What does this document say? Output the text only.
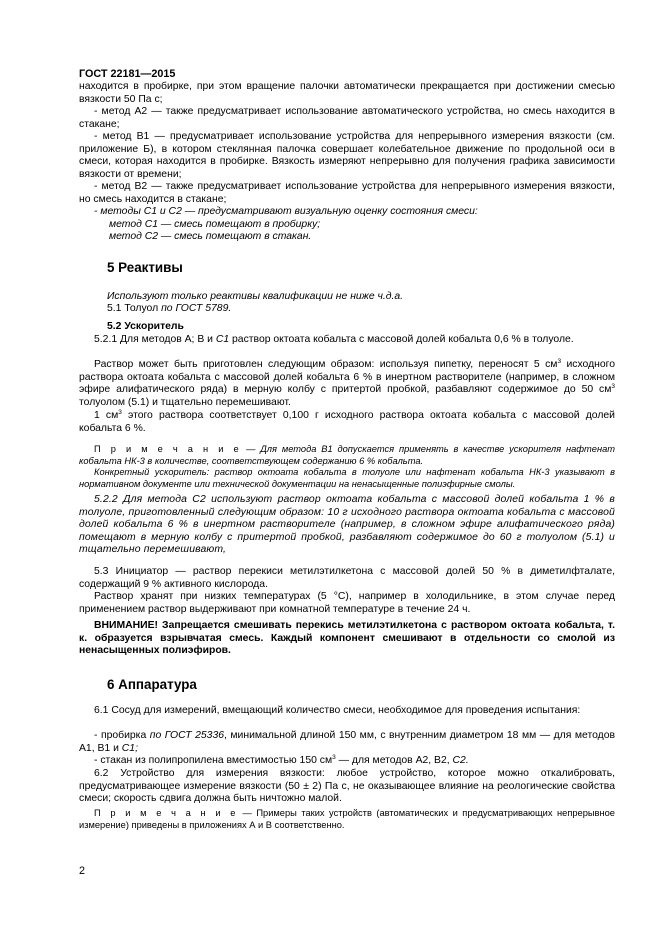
ГОСТ 22181—2015
находится в пробирке, при этом вращение палочки автоматически прекращается при достижении смесью вязкости 50 Па с;
- метод А2 — также предусматривает использование автоматического устройства, но смесь находится в стакане;
- метод В1 — предусматривает использование устройства для непрерывного измерения вязкости (см. приложение Б), в котором стеклянная палочка совершает колебательное движение по продольной оси в смеси, которая находится в пробирке. Вязкость измеряют непрерывно для получения графика зависимости вязкости от времени;
- метод В2 — также предусматривает использование устройства для непрерывного измерения вязкости, но смесь находится в стакане;
- методы С1 и С2 — предусматривают визуальную оценку состояния смеси:
метод С1 — смесь помещают в пробирку;
метод С2 — смесь помещают в стакан.
5 Реактивы
Используют только реактивы квалификации не ниже ч.д.а.
5.1 Толуол по ГОСТ 5789.
5.2 Ускоритель
5.2.1 Для методов А; В и С1 раствор октоата кобальта с массовой долей кобальта 0,6 % в толуоле.
Раствор может быть приготовлен следующим образом: используя пипетку, переносят 5 $см^3$ исходного раствора октоата кобальта с массовой долей кобальта 6 % в инертном растворителе (например, в сложном эфире алифатического ряда) в мерную колбу с притертой пробкой, разбавляют содержимое до 50 $см^3$ толуолом (5.1) и тщательно перемешивают.
1 $см^3$ этого раствора соответствует 0,100 г исходного раствора октоата кобальта с массовой долей кобальта 6 %.
П р и м е ч а н и е — Для метода В1 допускается применять в качестве ускорителя нафтенат кобальта НК-3 в количестве, соответствующем содержанию 6 % кобальта.
Конкретный ускоритель: раствор октоата кобальта в толуоле или нафтенат кобальта НК-3 указывают в нормативном документе или технической документации на ненасыщенные полиэфирные смолы.
5.2.2 Для метода С2 используют раствор октоата кобальта с массовой долей кобальта 1 % в толуоле, приготовленный следующим образом: 10 г исходного раствора октоата кобальта с массовой долей кобальта 6 % в инертном растворителе (например, в сложном эфире алифатического ряда) помещают в мерную колбу с притертой пробкой, разбавляют содержимое до 60 г толуолом (5.1) и тщательно перемешивают,
5.3 Инициатор — раствор перекиси метилэтилкетона с массовой долей 50 % в диметилфталате, содержащий 9 % активного кислорода.
Раствор хранят при низких температурах (5 °С), например в холодильнике, в этом случае перед применением раствор выдерживают при комнатной температуре в течение 24 ч.
ВНИМАНИЕ! Запрещается смешивать перекись метилэтилкетона с раствором октоата кобальта, т. к. образуется взрывчатая смесь. Каждый компонент смешивают в отдельности со смолой из ненасыщенных полиэфиров.
6 Аппаратура
6.1 Сосуд для измерений, вмещающий количество смеси, необходимое для проведения испытания:
- пробирка по ГОСТ 25336, минимальной длиной 150 мм, с внутренним диаметром 18 мм — для методов А1, В1 и С1;
- стакан из полипропилена вместимостью 150 $см^3$ — для методов А2, В2, С2.
6.2 Устройство для измерения вязкости: любое устройство, которое можно откалибровать, предусматривающее измерение вязкости (50 ± 2) Па с, не оказывающее влияние на реологические свойства смеси; скорость сдвига должна быть ничтожно малой.
П р и м е ч а н и е — Примеры таких устройств (автоматических и предусматривающих непрерывное измерение) приведены в приложениях А и В соответственно.
2
